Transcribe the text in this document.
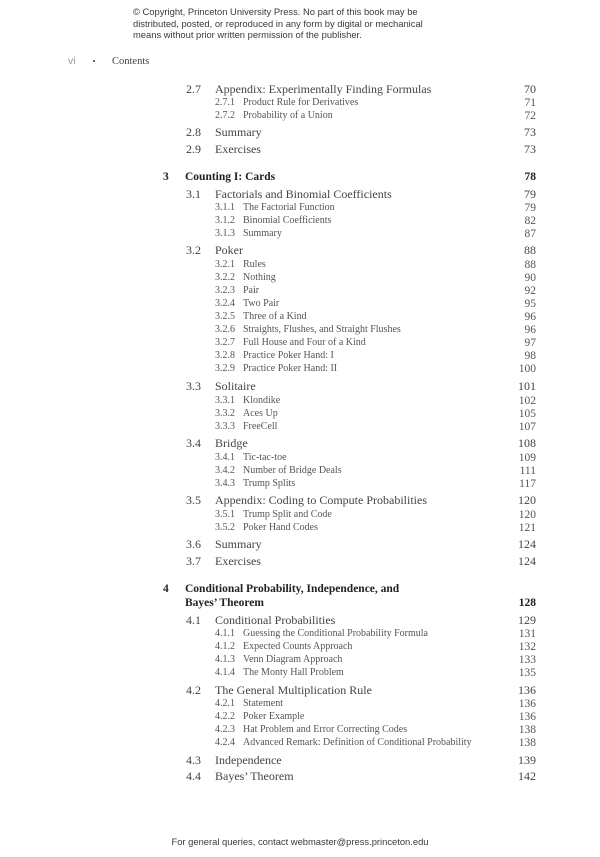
© Copyright, Princeton University Press. No part of this book may be
distributed, posted, or reproduced in any form by digital or mechanical
means without prior written permission of the publisher.
vi	•	Contents
2.7 Appendix: Experimentally Finding Formulas	70
2.7.1 Product Rule for Derivatives	71
2.7.2 Probability of a Union	72
2.8 Summary	73
2.9 Exercises	73
3 Counting I: Cards	78
3.1 Factorials and Binomial Coefficients	79
3.1.1 The Factorial Function	79
3.1.2 Binomial Coefficients	82
3.1.3 Summary	87
3.2 Poker	88
3.2.1 Rules	88
3.2.2 Nothing	90
3.2.3 Pair	92
3.2.4 Two Pair	95
3.2.5 Three of a Kind	96
3.2.6 Straights, Flushes, and Straight Flushes	96
3.2.7 Full House and Four of a Kind	97
3.2.8 Practice Poker Hand: I	98
3.2.9 Practice Poker Hand: II	100
3.3 Solitaire	101
3.3.1 Klondike	102
3.3.2 Aces Up	105
3.3.3 FreeCell	107
3.4 Bridge	108
3.4.1 Tic-tac-toe	109
3.4.2 Number of Bridge Deals	111
3.4.3 Trump Splits	117
3.5 Appendix: Coding to Compute Probabilities	120
3.5.1 Trump Split and Code	120
3.5.2 Poker Hand Codes	121
3.6 Summary	124
3.7 Exercises	124
4 Conditional Probability, Independence, and
Bayes’ Theorem	128
4.1 Conditional Probabilities	129
4.1.1 Guessing the Conditional Probability Formula	131
4.1.2 Expected Counts Approach	132
4.1.3 Venn Diagram Approach	133
4.1.4 The Monty Hall Problem	135
4.2 The General Multiplication Rule	136
4.2.1 Statement	136
4.2.2 Poker Example	136
4.2.3 Hat Problem and Error Correcting Codes	138
4.2.4 Advanced Remark: Definition of Conditional Probability	138
4.3 Independence	139
4.4 Bayes’ Theorem	142
For general queries, contact webmaster@press.princeton.edu
